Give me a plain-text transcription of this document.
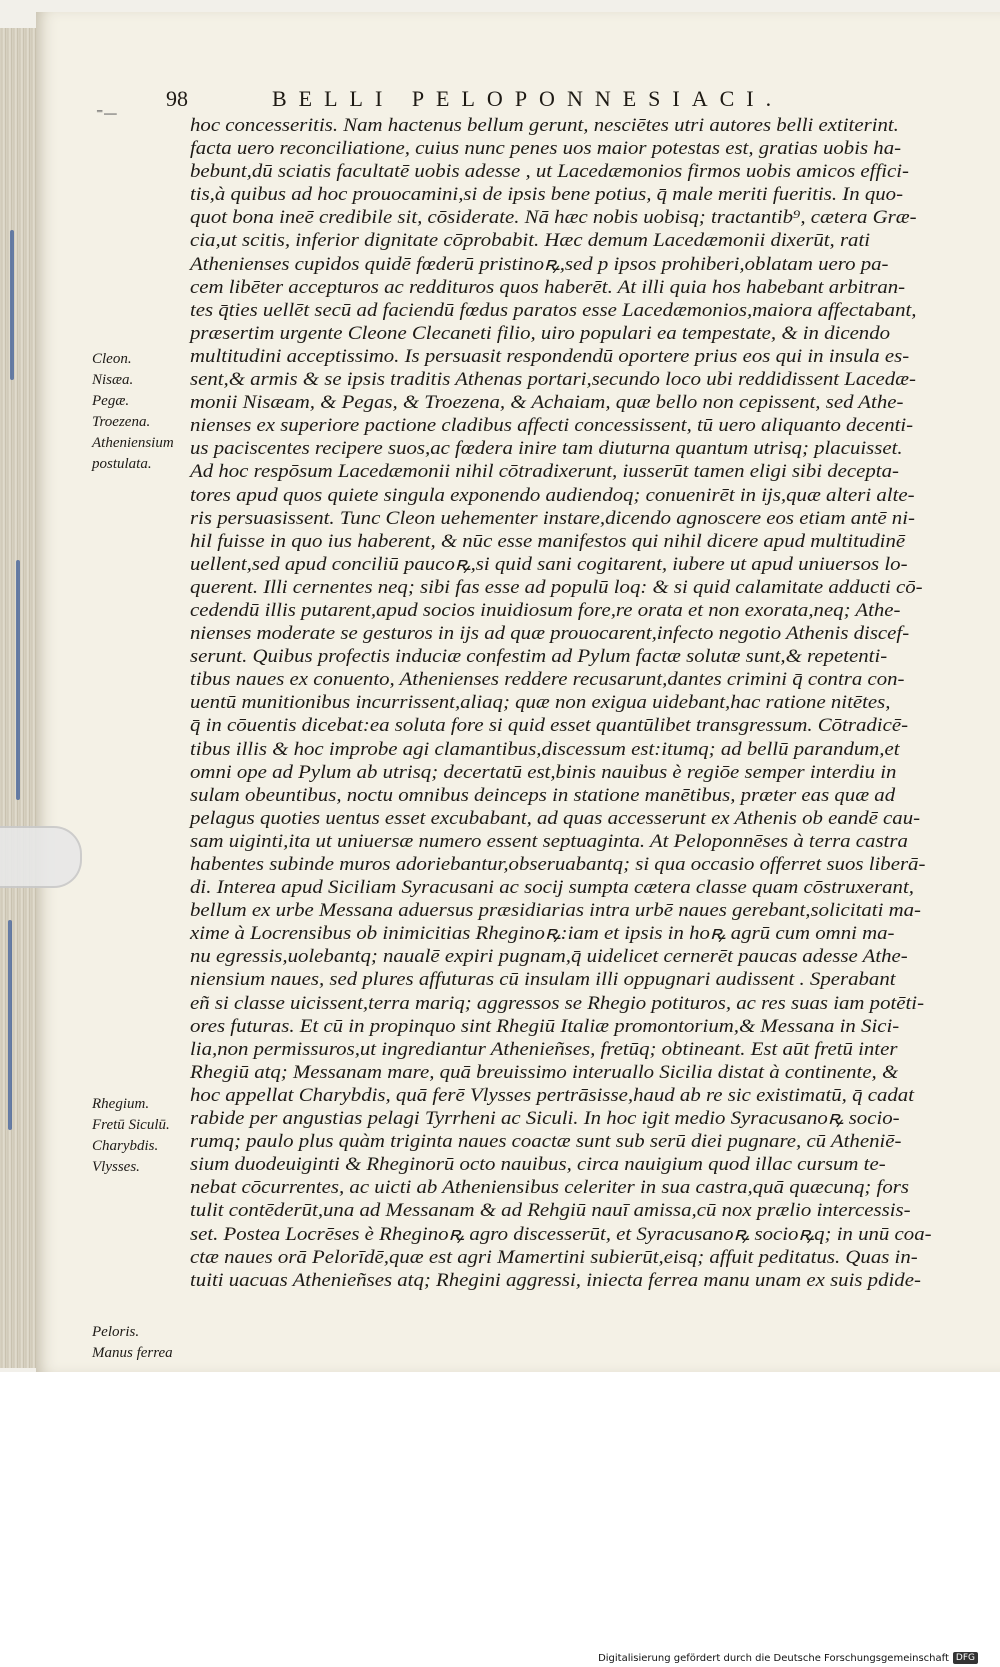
98	BELLI PELOPONNESIACI.
⁼—
hoc concesseritis. Nam hactenus bellum gerunt, nesciētes utri autores belli extiterint.
facta uero reconciliatione, cuius nunc penes uos maior potestas est, gratias uobis ha-
bebunt,dū sciatis facultatē uobis adesse , ut Lacedæmonios firmos uobis amicos effici-
tis,à quibus ad hoc prouocamini,si de ipsis bene potius, q̄ male meriti fueritis. In quo-
quot bona ineē credibile sit, cōsiderate. Nā hæc nobis uobisq; tractantib⁹, cætera Græ-
cia,ut scitis, inferior dignitate cōprobabit. Hæc demum Lacedæmonii dixerūt, rati
Athenienses cupidos quidē fœderū pristinoꝶ,sed p ipsos prohiberi,oblatam uero pa-
cem libēter accepturos ac reddituros quos haberēt. At illi quia hos habebant arbitran-
tes q̄ties uellēt secū ad faciendū fœdus paratos esse Lacedæmonios,maiora affectabant,
præsertim urgente Cleone Clecaneti filio, uiro populari ea tempestate, & in dicendo
multitudini acceptissimo. Is persuasit respondendū oportere prius eos qui in insula es-
sent,& armis & se ipsis traditis Athenas portari,secundo loco ubi reddidissent Lacedæ-
monii Nisæam, & Pegas, & Troezena, & Achaiam, quæ bello non cepissent, sed Athe-
nienses ex superiore pactione cladibus affecti concessissent, tū uero aliquanto decenti-
us paciscentes recipere suos,ac fœdera inire tam diuturna quantum utrisq; placuisset.
Ad hoc respōsum Lacedæmonii nihil cōtradixerunt, iusserūt tamen eligi sibi decepta-
tores apud quos quiete singula exponendo audiendoq; conuenirēt in ijs,quæ alteri alte-
ris persuasissent. Tunc Cleon uehementer instare,dicendo agnoscere eos etiam antē ni-
hil fuisse in quo ius haberent, & nūc esse manifestos qui nihil dicere apud multitudinē
uellent,sed apud conciliū paucoꝶ,si quid sani cogitarent, iubere ut apud uniuersos lo-
querent. Illi cernentes neq; sibi fas esse ad populū loq: & si quid calamitate adducti cō-
cedendū illis putarent,apud socios inuidiosum fore,re orata et non exorata,neq; Athe-
nienses moderate se gesturos in ijs ad quæ prouocarent,infecto negotio Athenis discef-
serunt. Quibus profectis induciæ confestim ad Pylum factæ solutæ sunt,& repetenti-
tibus naues ex conuento, Athenienses reddere recusarunt,dantes crimini q̄ contra con-
uentū munitionibus incurrissent,aliaq; quæ non exigua uidebant,hac ratione nitētes,
q̄ in cōuentis dicebat:ea soluta fore si quid esset quantūlibet transgressum. Cōtradicē-
tibus illis & hoc improbe agi clamantibus,discessum est:itumq; ad bellū parandum,et
omni ope ad Pylum ab utrisq; decertatū est,binis nauibus è regiōe semper interdiu in
sulam obeuntibus, noctu omnibus deinceps in statione manētibus, præter eas quæ ad
pelagus quoties uentus esset excubabant, ad quas accesserunt ex Athenis ob eandē cau-
sam uiginti,ita ut uniuersæ numero essent septuaginta. At Peloponnēses à terra castra
habentes subinde muros adoriebantur,obseruabantq; si qua occasio offerret suos liberā-
di. Interea apud Siciliam Syracusani ac socij sumpta cætera classe quam cōstruxerant,
bellum ex urbe Messana aduersus præsidiarias intra urbē naues gerebant,solicitati ma-
xime à Locrensibus ob inimicitias Rheginoꝶ:iam et ipsis in hoꝶ agrū cum omni ma-
nu egressis,uolebantq; naualē expiri pugnam,q̄ uidelicet cernerēt paucas adesse Athe-
niensium naues, sed plures affuturas cū insulam illi oppugnari audissent . Sperabant
eñ si classe uicissent,terra mariq; aggressos se Rhegio potituros, ac res suas iam potēti-
ores futuras. Et cū in propinquo sint Rhegiū Italiæ promontorium,& Messana in Sici-
lia,non permissuros,ut ingrediantur Athenieñses, fretūq; obtineant. Est aūt fretū inter
Rhegiū atq; Messanam mare, quā breuissimo interuallo Sicilia distat à continente, &
hoc appellat Charybdis, quā ferē Vlysses pertrāsisse,haud ab re sic existimatū, q̄ cadat
rabide per angustias pelagi Tyrrheni ac Siculi. In hoc igit medio Syracusanoꝶ socio-
rumq; paulo plus quàm triginta naues coactæ sunt sub serū diei pugnare, cū Atheniē-
sium duodeuiginti & Rheginorū octo nauibus, circa nauigium quod illac cursum te-
nebat cōcurrentes, ac uicti ab Atheniensibus celeriter in sua castra,quā quæcunq; fors
tulit contēderūt,una ad Messanam & ad Rehgiū nauī amissa,cū nox prælio intercessis-
set. Postea Locrēses è Rheginoꝶ agro discesserūt, et Syracusanoꝶ socioꝶq; in unū coa-
ctæ naues orā Pelorīdē,quæ est agri Mamertini subierūt,eisq; affuit peditatus. Quas in-
tuiti uacuas Athenieñses atq; Rhegini aggressi, iniecta ferrea manu unam ex suis pdide-
Cleon.
Nisæa.
Pegæ.
Troezena.
Atheniensium
postulata.
Rhegium.
Fretū Siculū.
Charybdis.
Vlysses.
Peloris.
Manus ferrea
Digitalisierung gefördert durch die Deutsche Forschungsgemeinschaft DFG
